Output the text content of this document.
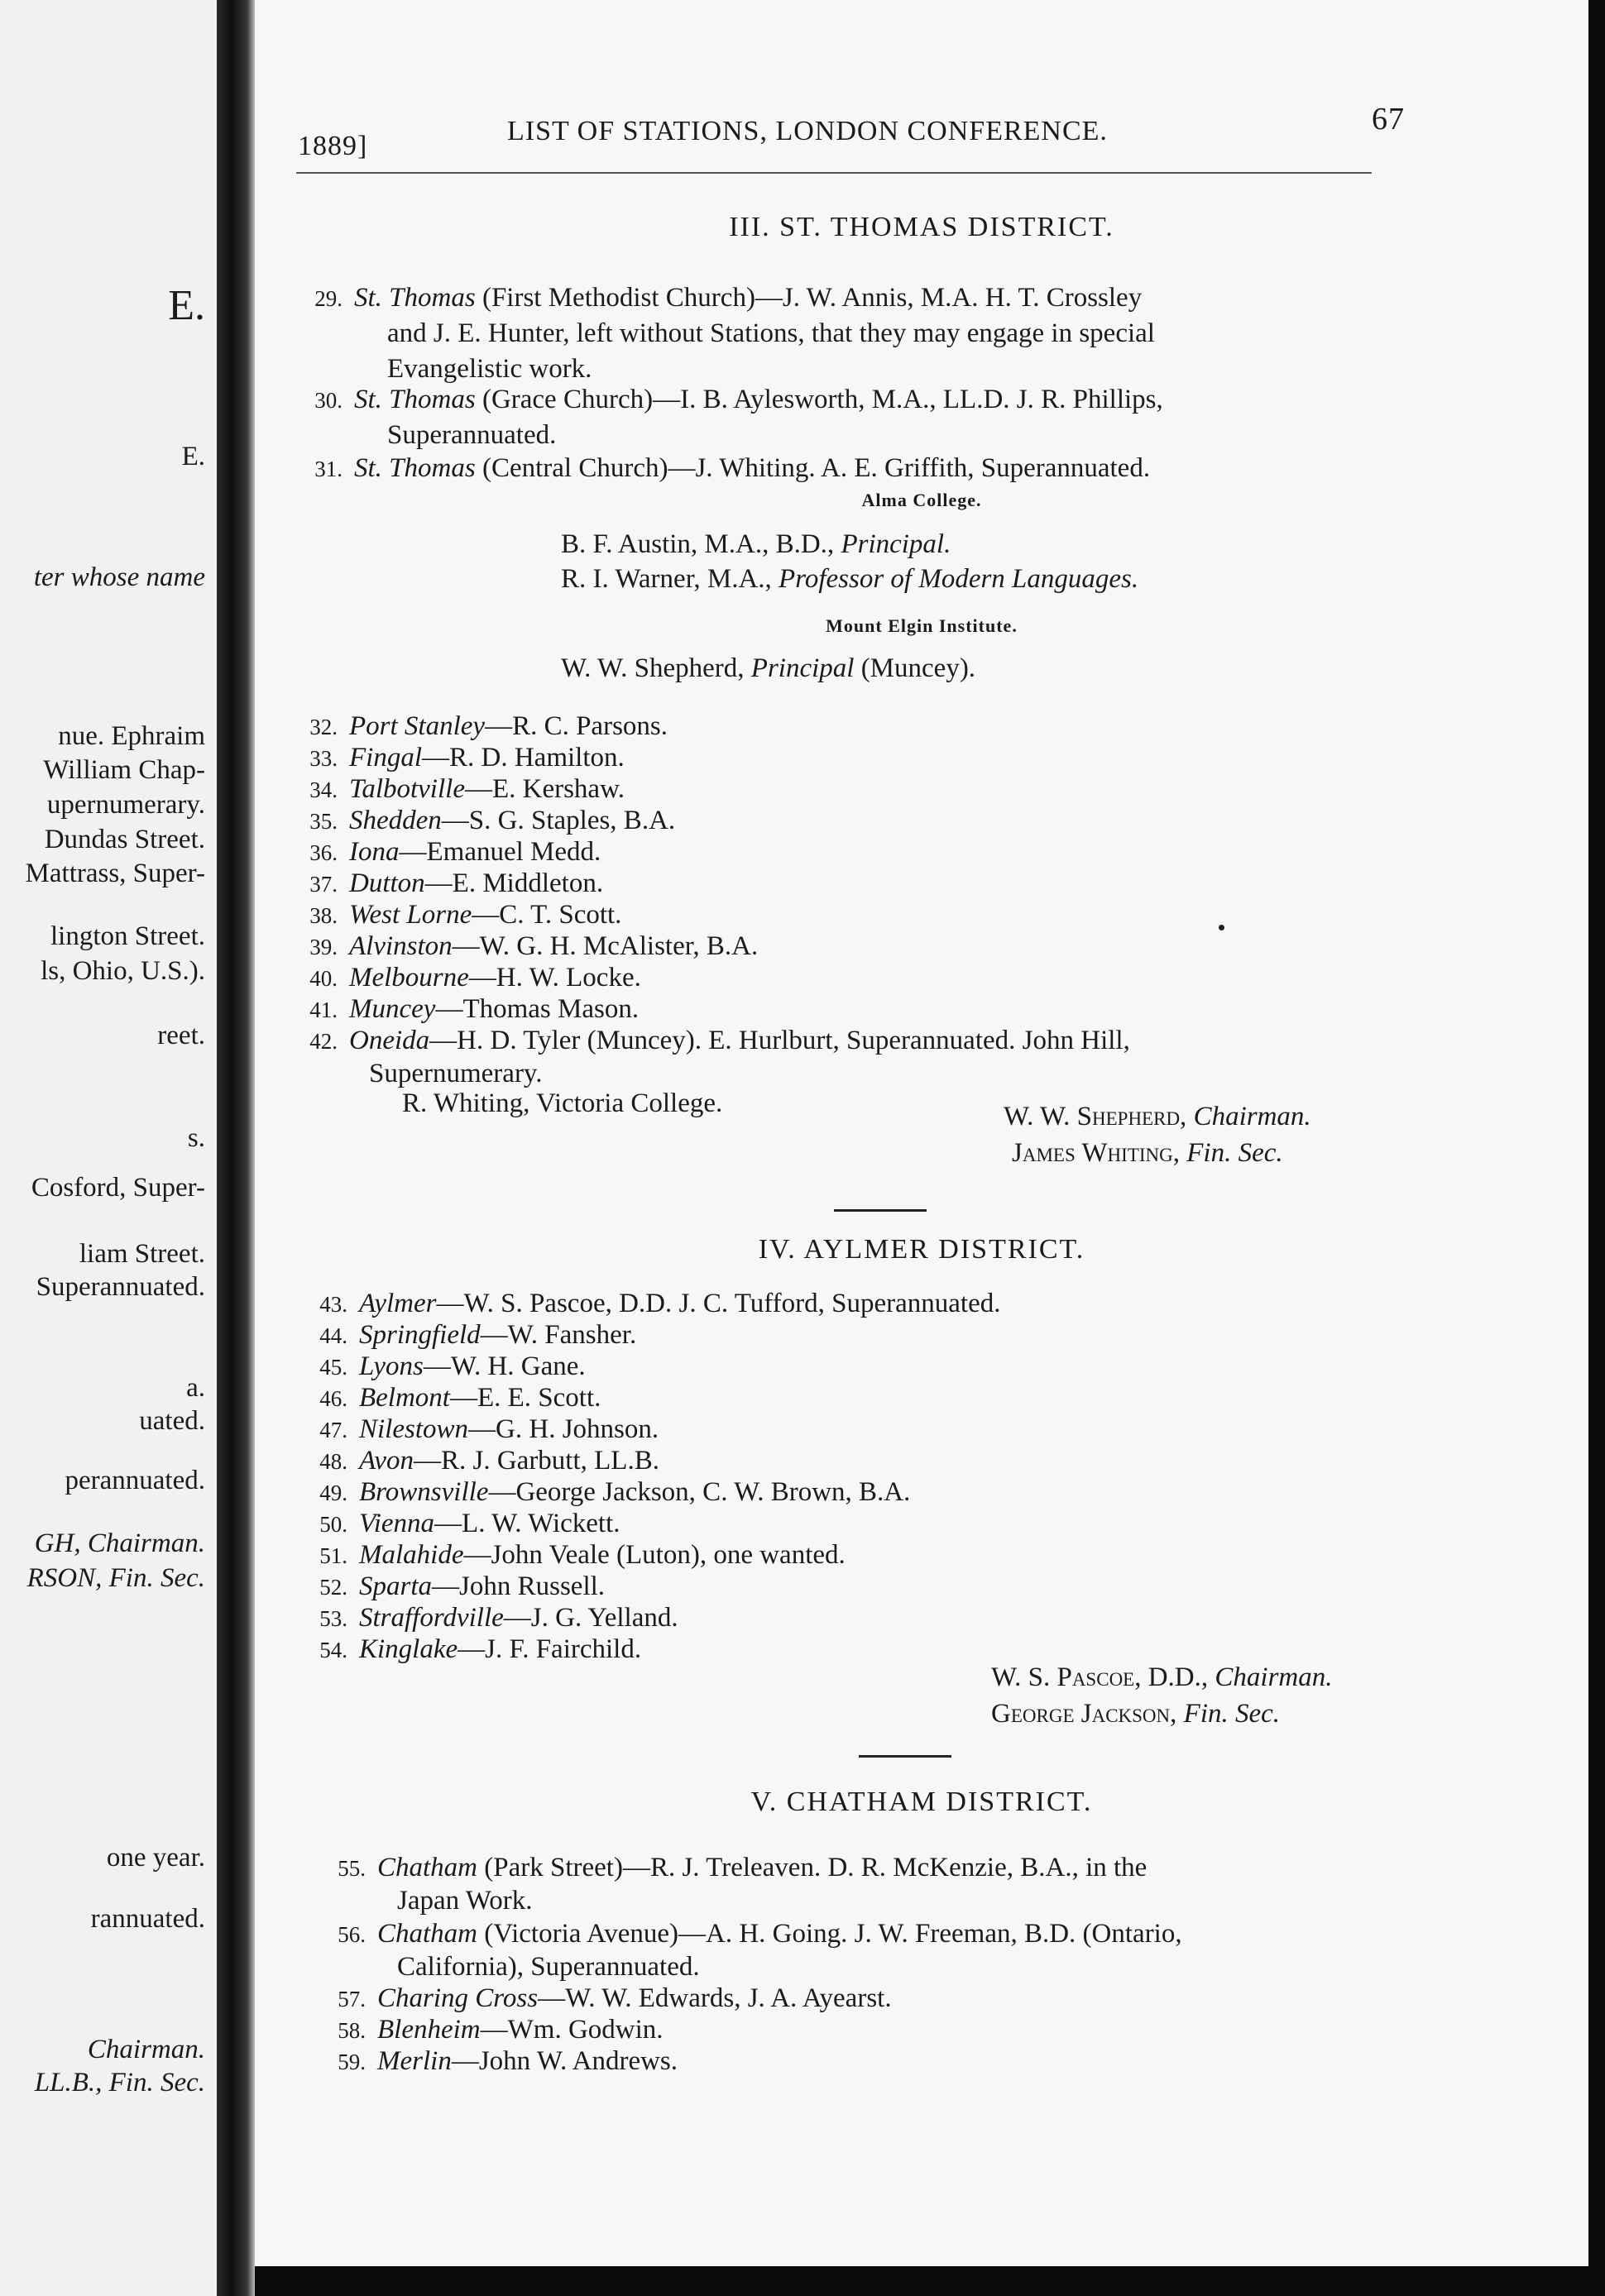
E.
E.
ter whose name
nue. Ephraim
William Chap-
upernumerary.
Dundas Street.
Mattrass, Super-
lington Street.
ls, Ohio, U.S.).
reet.
s.
Cosford, Super-
liam Street.
Superannuated.
a.
uated.
perannuated.
GH, Chairman.
RSON, Fin. Sec.
one year.
rannuated.
Chairman.
LL.B., Fin. Sec.
1889]	LIST OF STATIONS, LONDON CONFERENCE.	67
III. ST. THOMAS DISTRICT.
Alma College.
Mount Elgin Institute.
W. W. Shepherd, Chairman.
James Whiting, Fin. Sec.
IV. AYLMER DISTRICT.
W. S. Pascoe, D.D., Chairman.
George Jackson, Fin. Sec.
V. CHATHAM DISTRICT.
29. St. Thomas (First Methodist Church)—J. W. Annis, M.A. H. T. Crossley
and J. E. Hunter, left without Stations, that they may engage in special
Evangelistic work.
30. St. Thomas (Grace Church)—I. B. Aylesworth, M.A., LL.D. J. R. Phillips,
Superannuated.
31. St. Thomas (Central Church)—J. Whiting. A. E. Griffith, Superannuated.
B. F. Austin, M.A., B.D., Principal.
R. I. Warner, M.A., Professor of Modern Languages.
W. W. Shepherd, Principal (Muncey).
32. Port Stanley—R. C. Parsons.
33. Fingal—R. D. Hamilton.
34. Talbotville—E. Kershaw.
35. Shedden—S. G. Staples, B.A.
36. Iona—Emanuel Medd.
37. Dutton—E. Middleton.
38. West Lorne—C. T. Scott.
39. Alvinston—W. G. H. McAlister, B.A.
40. Melbourne—H. W. Locke.
41. Muncey—Thomas Mason.
42. Oneida—H. D. Tyler (Muncey). E. Hurlburt, Superannuated. John Hill,
Supernumerary.
R. Whiting, Victoria College.
43. Aylmer—W. S. Pascoe, D.D. J. C. Tufford, Superannuated.
44. Springfield—W. Fansher.
45. Lyons—W. H. Gane.
46. Belmont—E. E. Scott.
47. Nilestown—G. H. Johnson.
48. Avon—R. J. Garbutt, LL.B.
49. Brownsville—George Jackson, C. W. Brown, B.A.
50. Vienna—L. W. Wickett.
51. Malahide—John Veale (Luton), one wanted.
52. Sparta—John Russell.
53. Straffordville—J. G. Yelland.
54. Kinglake—J. F. Fairchild.
55. Chatham (Park Street)—R. J. Treleaven. D. R. McKenzie, B.A., in the
Japan Work.
56. Chatham (Victoria Avenue)—A. H. Going. J. W. Freeman, B.D. (Ontario,
California), Superannuated.
57. Charing Cross—W. W. Edwards, J. A. Ayearst.
58. Blenheim—Wm. Godwin.
59. Merlin—John W. Andrews.
